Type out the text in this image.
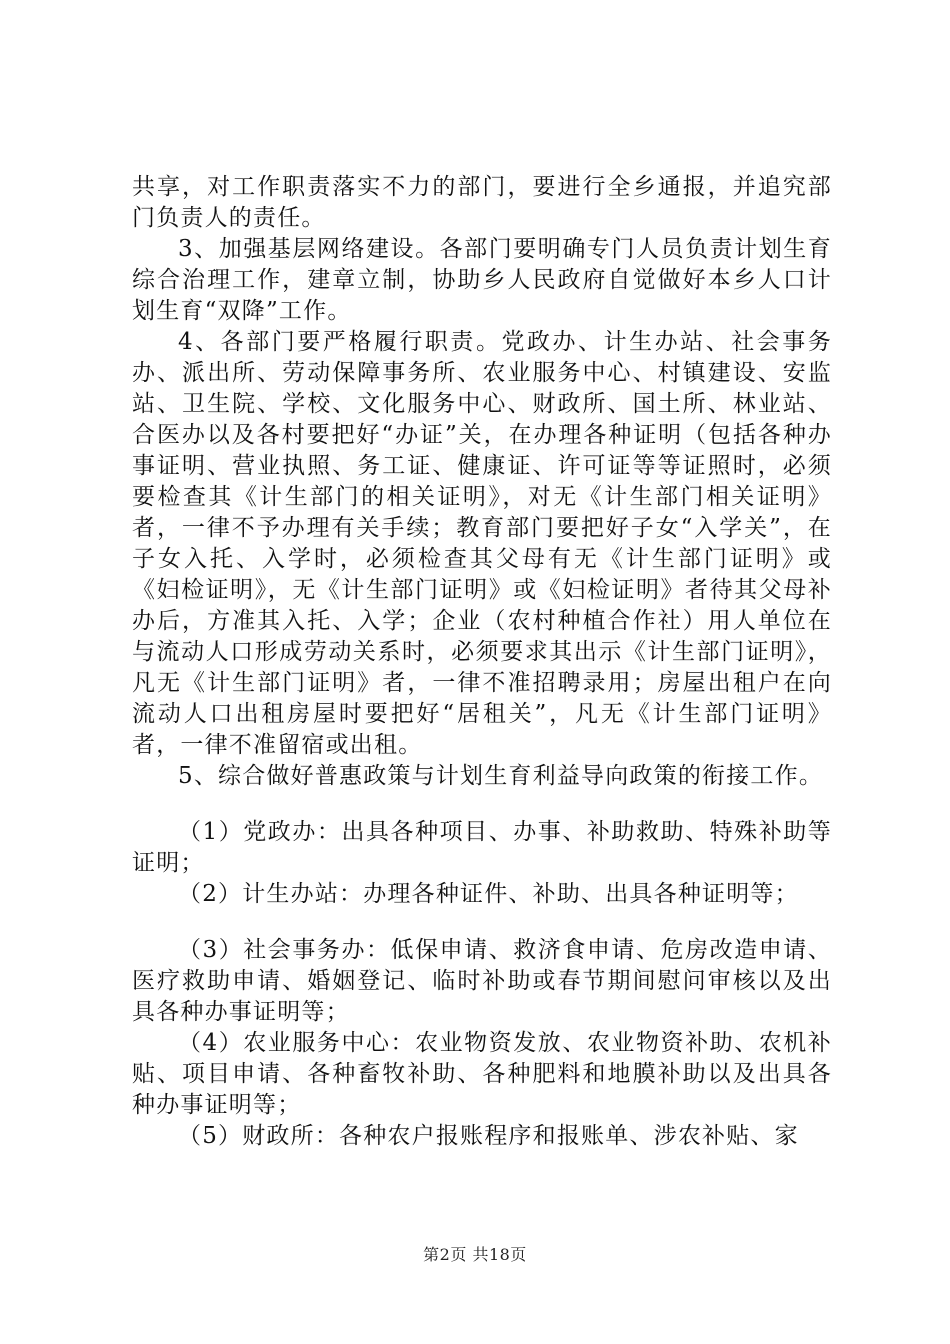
共享，对工作职责落实不力的部门，要进行全乡通报，并追究部门负责人的责任。

3、加强基层网络建设。各部门要明确专门人员负责计划生育综合治理工作，建章立制，协助乡人民政府自觉做好本乡人口计划生育“双降”工作。

4、各部门要严格履行职责。党政办、计生办站、社会事务办、派出所、劳动保障事务所、农业服务中心、村镇建设、安监站、卫生院、学校、文化服务中心、财政所、国土所、林业站、合医办以及各村要把好“办证”关，在办理各种证明（包括各种办事证明、营业执照、务工证、健康证、许可证等等证照时，必须要检查其《计生部门的相关证明》，对无《计生部门相关证明》者，一律不予办理有关手续；教育部门要把好子女“入学关”，在子女入托、入学时，必须检查其父母有无《计生部门证明》或《妇检证明》，无《计生部门证明》或《妇检证明》者待其父母补办后，方准其入托、入学；企业（农村种植合作社）用人单位在与流动人口形成劳动关系时，必须要求其出示《计生部门证明》，凡无《计生部门证明》者，一律不准招聘录用；房屋出租户在向流动人口出租房屋时要把好“居租关”，凡无《计生部门证明》者，一律不准留宿或出租。

5、综合做好普惠政策与计划生育利益导向政策的衔接工作。

（1）党政办：出具各种项目、办事、补助救助、特殊补助等证明；

（2）计生办站：办理各种证件、补助、出具各种证明等；

（3）社会事务办：低保申请、救济食申请、危房改造申请、医疗救助申请、婚姻登记、临时补助或春节期间慰问审核以及出具各种办事证明等；

（4）农业服务中心：农业物资发放、农业物资补助、农机补贴、项目申请、各种畜牧补助、各种肥料和地膜补助以及出具各种办事证明等；

（5）财政所：各种农户报账程序和报账单、涉农补贴、家

第2页 共18页
